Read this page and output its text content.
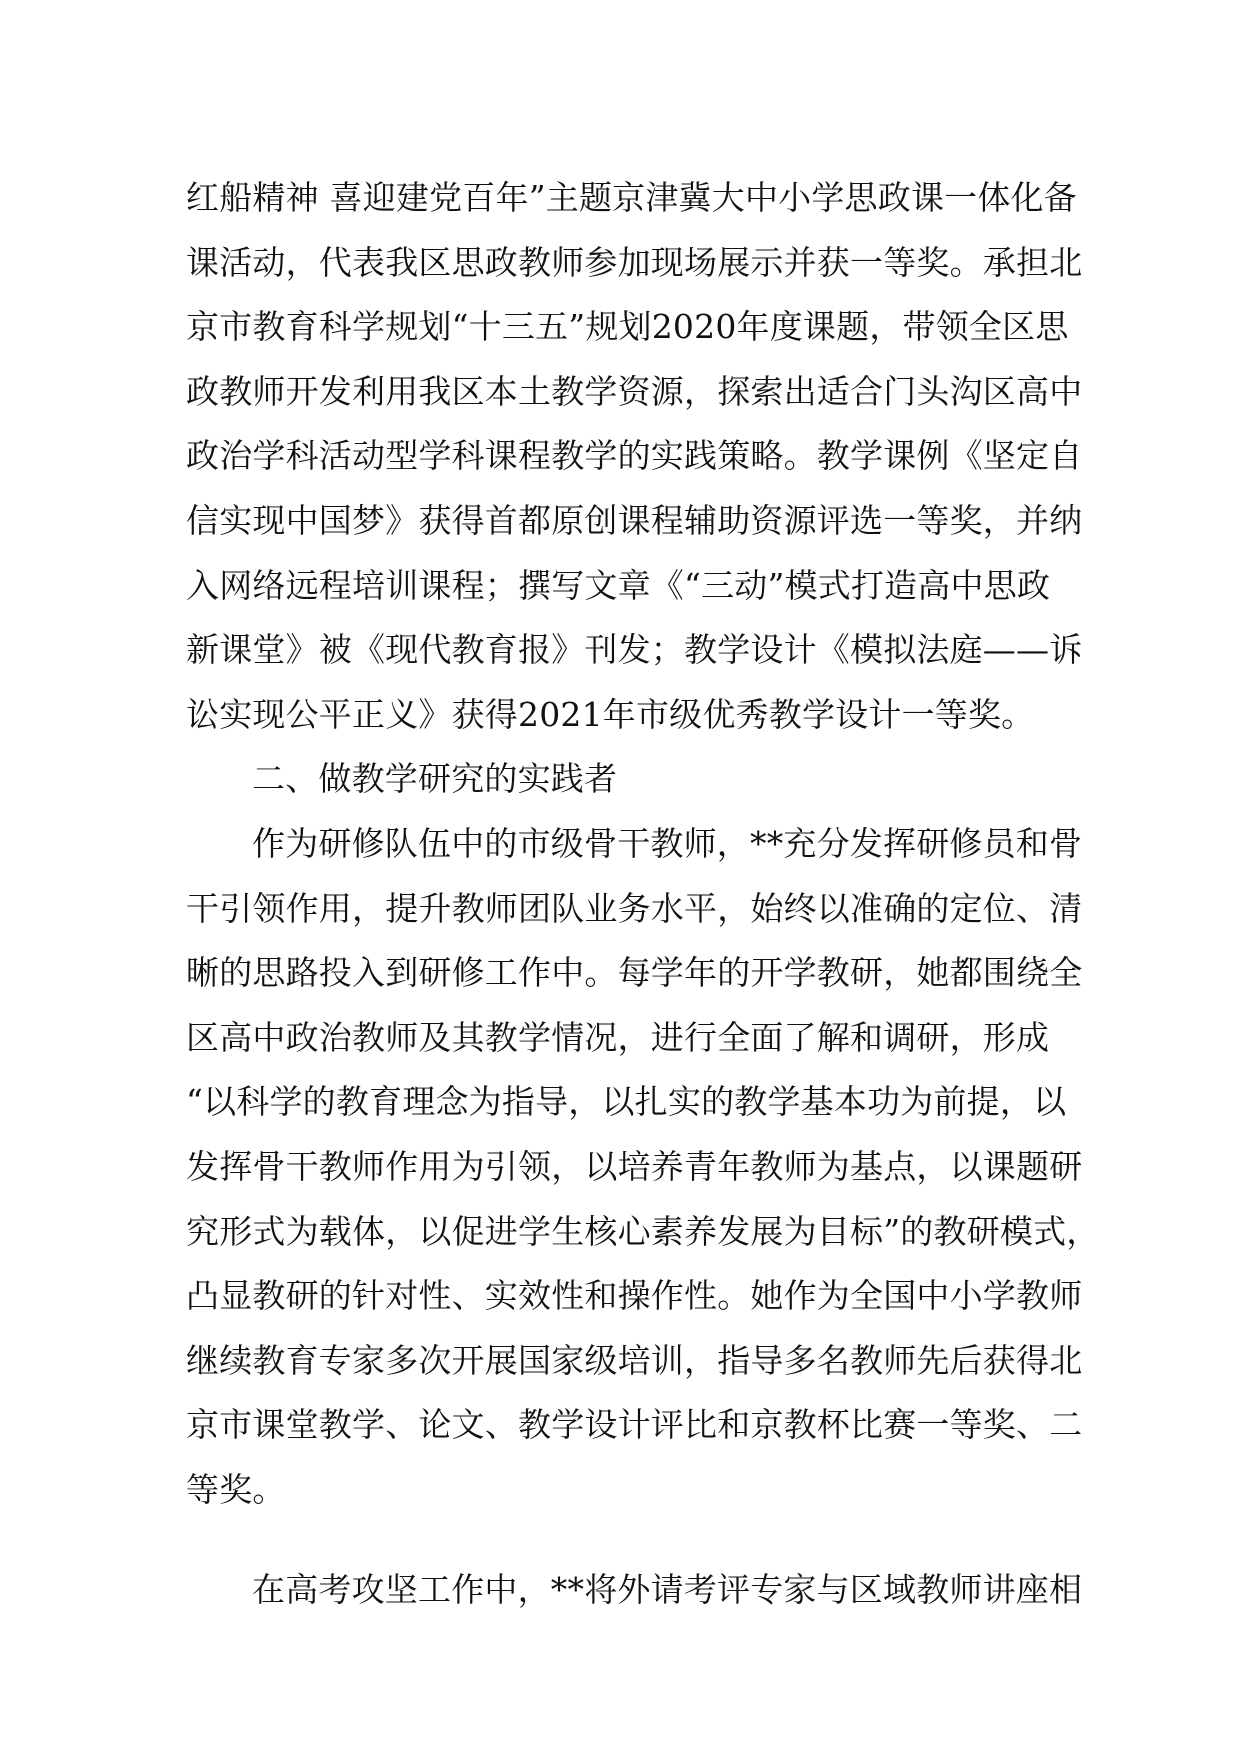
红船精神 喜迎建党百年”主题京津冀大中小学思政课一体化备
课活动，代表我区思政教师参加现场展示并获一等奖。承担北
京市教育科学规划“十三五”规划2020年度课题，带领全区思
政教师开发利用我区本土教学资源，探索出适合门头沟区高中
政治学科活动型学科课程教学的实践策略。教学课例《坚定自
信实现中国梦》获得首都原创课程辅助资源评选一等奖，并纳
入网络远程培训课程；撰写文章《“三动”模式打造高中思政
新课堂》被《现代教育报》刊发；教学设计《模拟法庭——诉
讼实现公平正义》获得2021年市级优秀教学设计一等奖。
二、做教学研究的实践者
作为研修队伍中的市级骨干教师，**充分发挥研修员和骨
干引领作用，提升教师团队业务水平，始终以准确的定位、清
晰的思路投入到研修工作中。每学年的开学教研，她都围绕全
区高中政治教师及其教学情况，进行全面了解和调研，形成
“以科学的教育理念为指导，以扎实的教学基本功为前提，以
发挥骨干教师作用为引领，以培养青年教师为基点，以课题研
究形式为载体，以促进学生核心素养发展为目标”的教研模式，
凸显教研的针对性、实效性和操作性。她作为全国中小学教师
继续教育专家多次开展国家级培训，指导多名教师先后获得北
京市课堂教学、论文、教学设计评比和京教杯比赛一等奖、二
等奖。
在高考攻坚工作中，**将外请考评专家与区域教师讲座相
